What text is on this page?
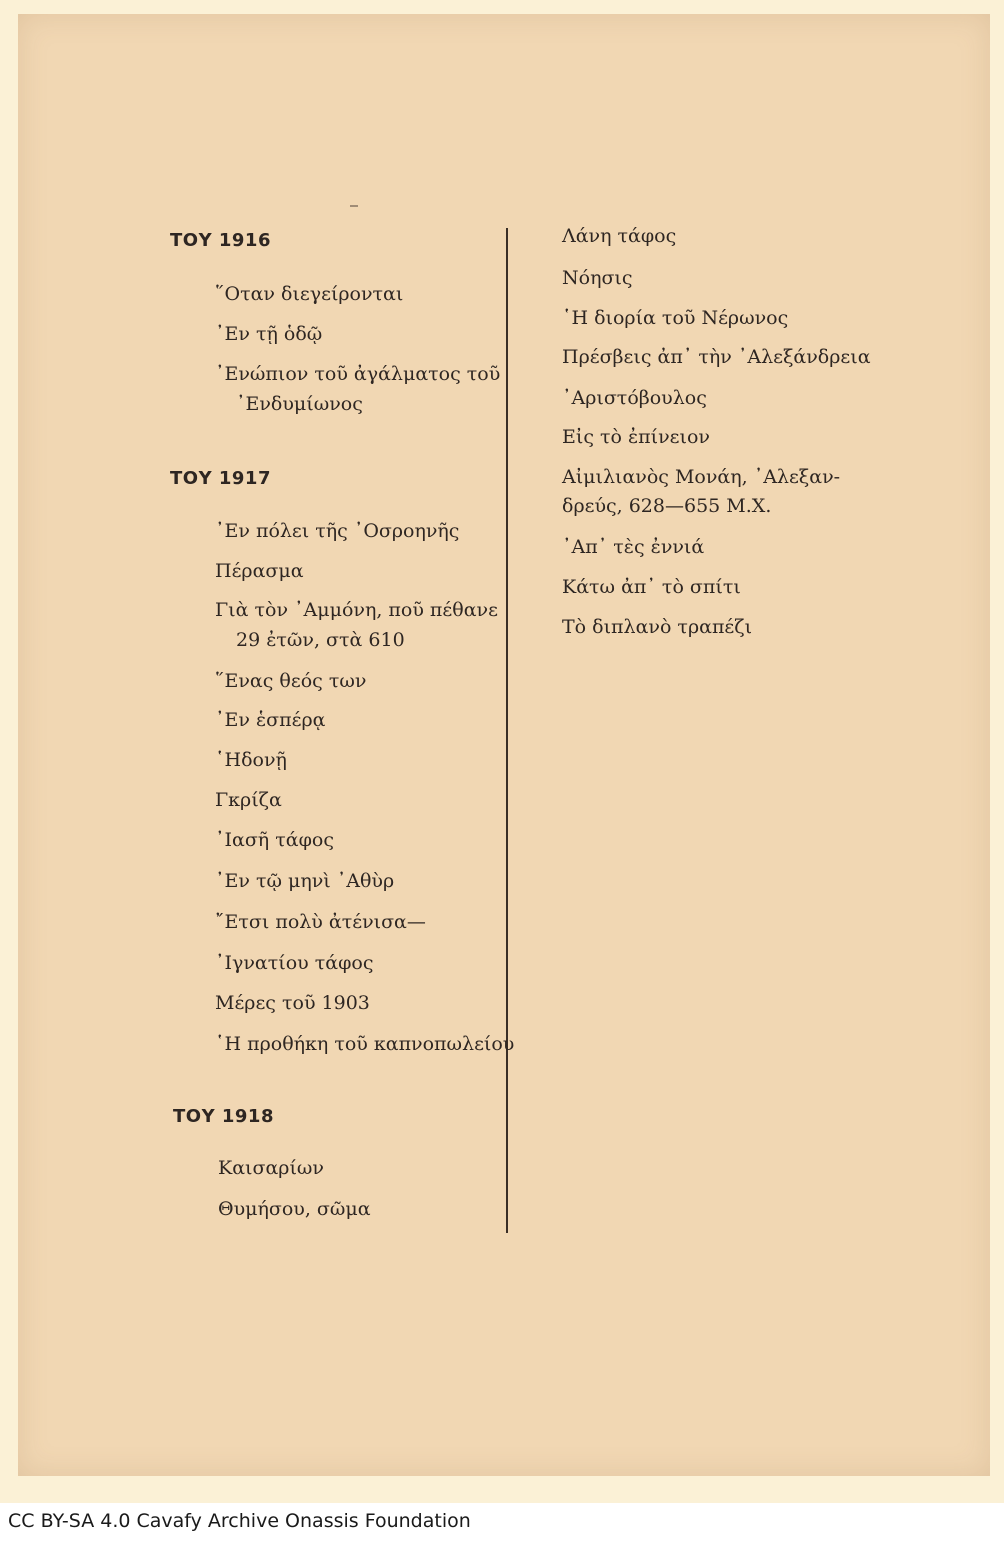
ΤΟΥ 1916
῞Οταν διεγείρονται
᾿Εν τῇ ὁδῷ
᾿Ενώπιον τοῦ ἀγάλματος τοῦ
᾿Ενδυμίωνος
ΤΟΥ 1917
᾿Εν πόλει τῆς ᾿Οσροηνῆς
Πέρασμα
Γιὰ τὸν ᾿Αμμόνη, ποῦ πέθανε
29 ἐτῶν, στὰ 610
῞Ενας θεός των
᾿Εν ἑσπέρᾳ
῾Ηδονῇ
Γκρίζα
᾿Ιασῆ τάφος
᾿Εν τῷ μηνὶ ᾿Αθὺρ
῎Ετσι πολὺ ἀτένισα—
᾿Ιγνατίου τάφος
Μέρες τοῦ 1903
῾Η προθήκη τοῦ καπνοπωλείου
ΤΟΥ 1918
Καισαρίων
Θυμήσου, σῶμα
Λάνη τάφος
Νόησις
῾Η διορία τοῦ Νέρωνος
Πρέσβεις ἀπ᾿ τὴν ᾿Αλεξάνδρεια
᾿Αριστόβουλος
Εἰς τὸ ἐπίνειον
Αἰμιλιανὸς Μονάη, ᾿Αλεξαν-
δρεύς, 628—655 Μ.Χ.
᾿Απ᾿ τὲς ἐννιά
Κάτω ἀπ᾿ τὸ σπίτι
Τὸ διπλανὸ τραπέζι
CC BY-SA 4.0 Cavafy Archive Onassis Foundation
